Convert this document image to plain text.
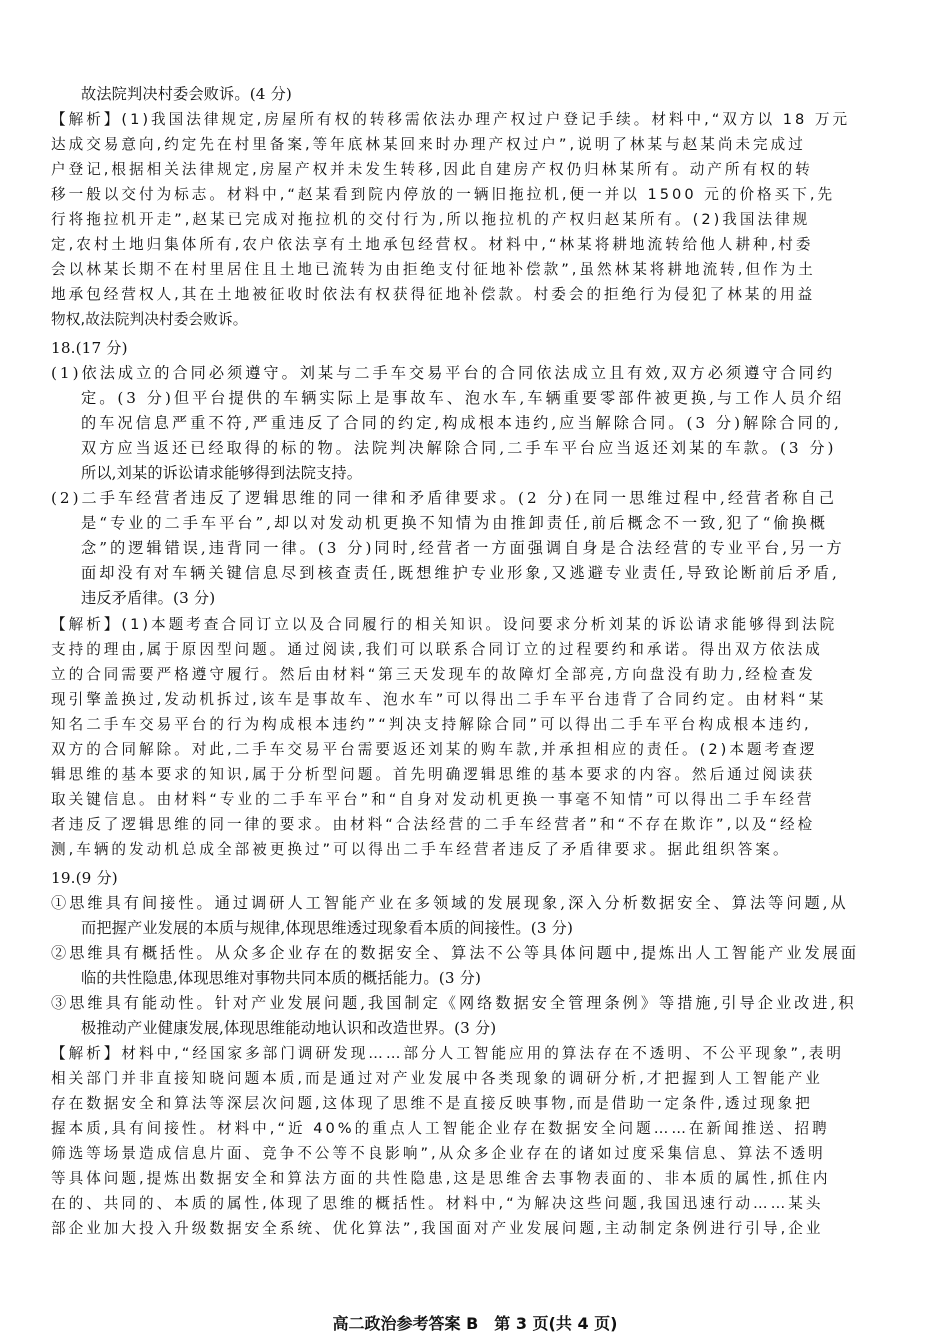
故法院判决村委会败诉。(4 分)
【解析】(1)我国法律规定,房屋所有权的转移需依法办理产权过户登记手续。材料中,“双方以 18 万元
达成交易意向,约定先在村里备案,等年底林某回来时办理产权过户”,说明了林某与赵某尚未完成过
户登记,根据相关法律规定,房屋产权并未发生转移,因此自建房产权仍归林某所有。动产所有权的转
移一般以交付为标志。材料中,“赵某看到院内停放的一辆旧拖拉机,便一并以 1500 元的价格买下,先
行将拖拉机开走”,赵某已完成对拖拉机的交付行为,所以拖拉机的产权归赵某所有。(2)我国法律规
定,农村土地归集体所有,农户依法享有土地承包经营权。材料中,“林某将耕地流转给他人耕种,村委
会以林某长期不在村里居住且土地已流转为由拒绝支付征地补偿款”,虽然林某将耕地流转,但作为土
地承包经营权人,其在土地被征收时依法有权获得征地补偿款。村委会的拒绝行为侵犯了林某的用益
物权,故法院判决村委会败诉。
18.(17 分)
(1)依法成立的合同必须遵守。刘某与二手车交易平台的合同依法成立且有效,双方必须遵守合同约
定。(3 分)但平台提供的车辆实际上是事故车、泡水车,车辆重要零部件被更换,与工作人员介绍
的车况信息严重不符,严重违反了合同的约定,构成根本违约,应当解除合同。(3 分)解除合同的,
双方应当返还已经取得的标的物。法院判决解除合同,二手车平台应当返还刘某的车款。(3 分)
所以,刘某的诉讼请求能够得到法院支持。
(2)二手车经营者违反了逻辑思维的同一律和矛盾律要求。(2 分)在同一思维过程中,经营者称自己
是“专业的二手车平台”,却以对发动机更换不知情为由推卸责任,前后概念不一致,犯了“偷换概
念”的逻辑错误,违背同一律。(3 分)同时,经营者一方面强调自身是合法经营的专业平台,另一方
面却没有对车辆关键信息尽到核查责任,既想维护专业形象,又逃避专业责任,导致论断前后矛盾,
违反矛盾律。(3 分)
【解析】(1)本题考查合同订立以及合同履行的相关知识。设问要求分析刘某的诉讼请求能够得到法院
支持的理由,属于原因型问题。通过阅读,我们可以联系合同订立的过程要约和承诺。得出双方依法成
立的合同需要严格遵守履行。然后由材料“第三天发现车的故障灯全部亮,方向盘没有助力,经检查发
现引擎盖换过,发动机拆过,该车是事故车、泡水车”可以得出二手车平台违背了合同约定。由材料“某
知名二手车交易平台的行为构成根本违约”“判决支持解除合同”可以得出二手车平台构成根本违约,
双方的合同解除。对此,二手车交易平台需要返还刘某的购车款,并承担相应的责任。(2)本题考查逻
辑思维的基本要求的知识,属于分析型问题。首先明确逻辑思维的基本要求的内容。然后通过阅读获
取关键信息。由材料“专业的二手车平台”和“自身对发动机更换一事毫不知情”可以得出二手车经营
者违反了逻辑思维的同一律的要求。由材料“合法经营的二手车经营者”和“不存在欺诈”,以及“经检
测,车辆的发动机总成全部被更换过”可以得出二手车经营者违反了矛盾律要求。据此组织答案。
19.(9 分)
①思维具有间接性。通过调研人工智能产业在多领域的发展现象,深入分析数据安全、算法等问题,从
而把握产业发展的本质与规律,体现思维透过现象看本质的间接性。(3 分)
②思维具有概括性。从众多企业存在的数据安全、算法不公等具体问题中,提炼出人工智能产业发展面
临的共性隐患,体现思维对事物共同本质的概括能力。(3 分)
③思维具有能动性。针对产业发展问题,我国制定《网络数据安全管理条例》等措施,引导企业改进,积
极推动产业健康发展,体现思维能动地认识和改造世界。(3 分)
【解析】材料中,“经国家多部门调研发现……部分人工智能应用的算法存在不透明、不公平现象”,表明
相关部门并非直接知晓问题本质,而是通过对产业发展中各类现象的调研分析,才把握到人工智能产业
存在数据安全和算法等深层次问题,这体现了思维不是直接反映事物,而是借助一定条件,透过现象把
握本质,具有间接性。材料中,“近 40%的重点人工智能企业存在数据安全问题……在新闻推送、招聘
筛选等场景造成信息片面、竞争不公等不良影响”,从众多企业存在的诸如过度采集信息、算法不透明
等具体问题,提炼出数据安全和算法方面的共性隐患,这是思维舍去事物表面的、非本质的属性,抓住内
在的、共同的、本质的属性,体现了思维的概括性。材料中,“为解决这些问题,我国迅速行动……某头
部企业加大投入升级数据安全系统、优化算法”,我国面对产业发展问题,主动制定条例进行引导,企业
高二政治参考答案 B　第 3 页(共 4 页)
